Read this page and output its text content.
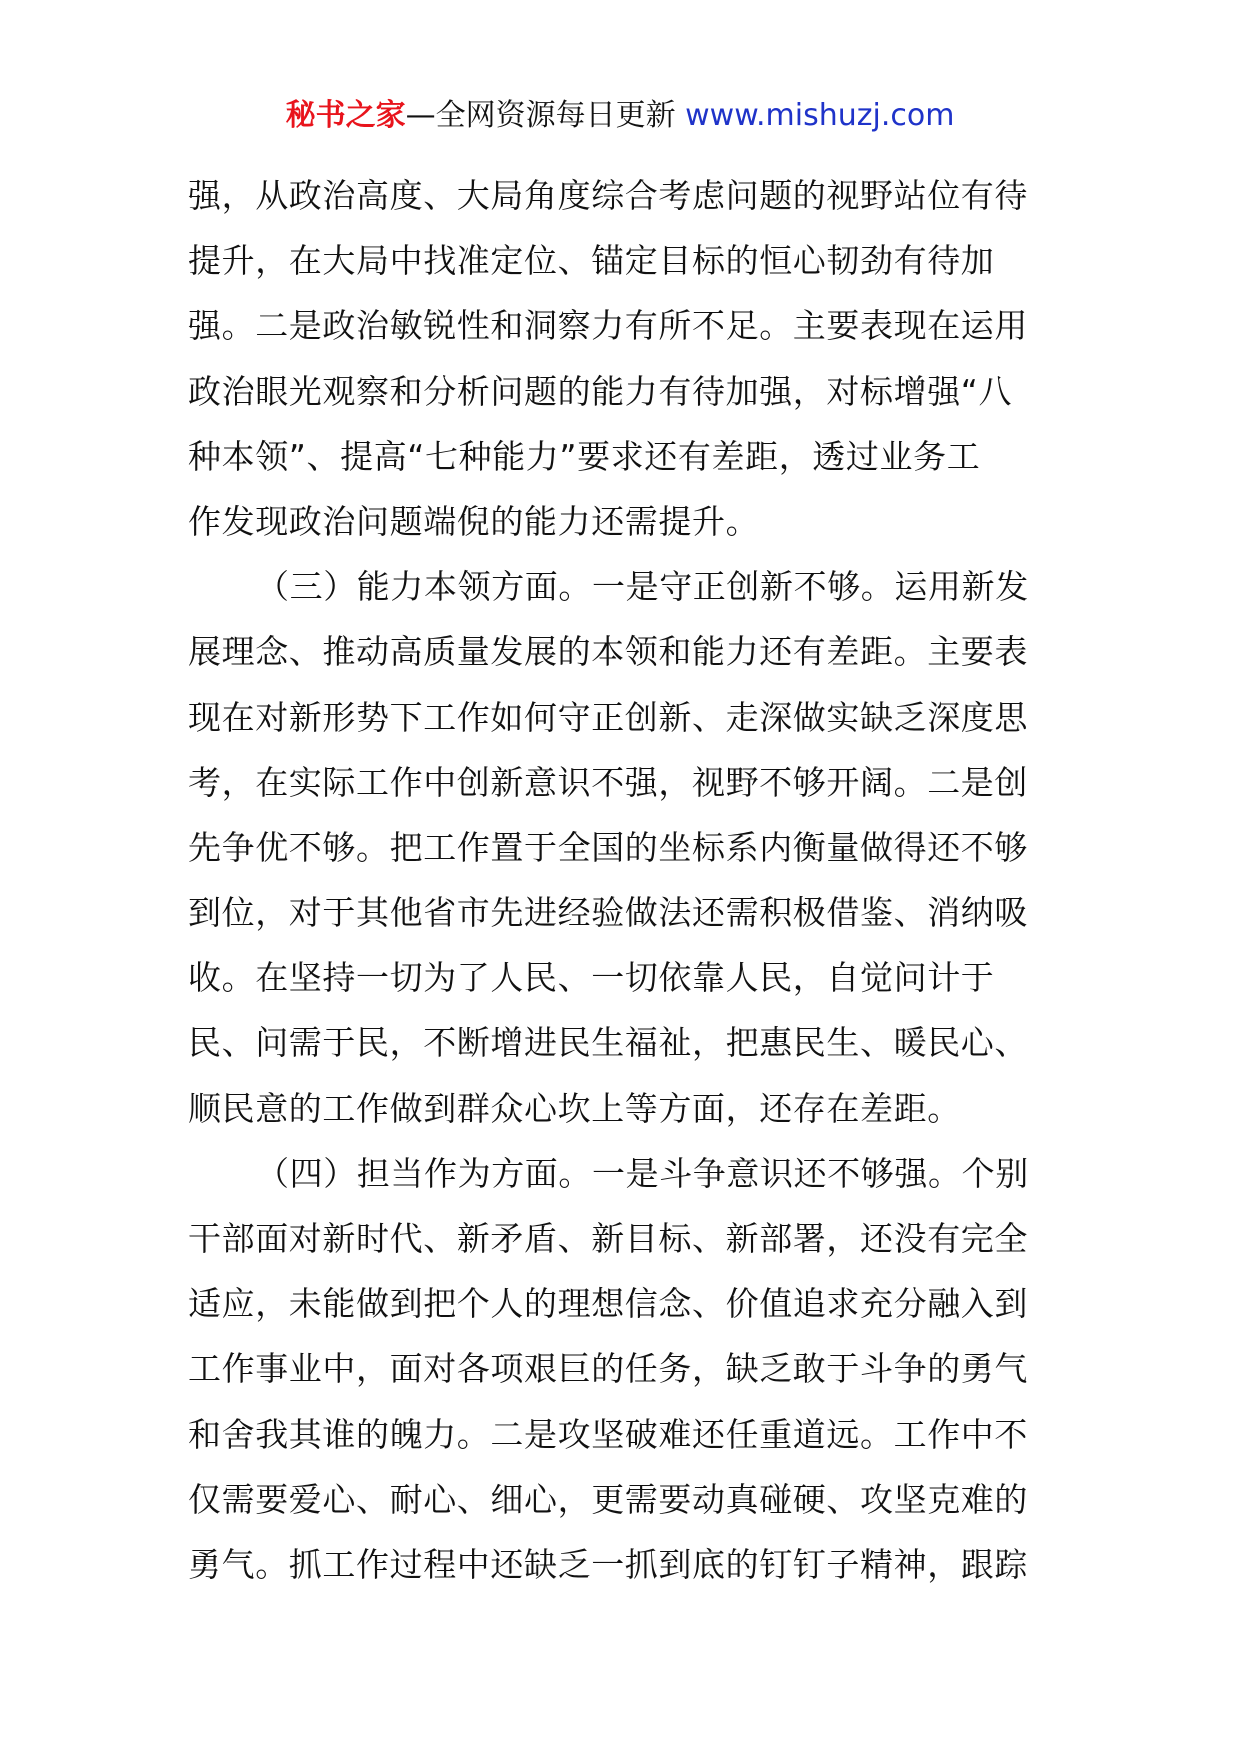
秘书之家—全网资源每日更新 www.mishuzj.com
强，从政治高度、大局角度综合考虑问题的视野站位有待
提升，在大局中找准定位、锚定目标的恒心韧劲有待加
强。二是政治敏锐性和洞察力有所不足。主要表现在运用
政治眼光观察和分析问题的能力有待加强，对标增强“八
种本领”、提高“七种能力”要求还有差距，透过业务工
作发现政治问题端倪的能力还需提升。
（三）能力本领方面。一是守正创新不够。运用新发
展理念、推动高质量发展的本领和能力还有差距。主要表
现在对新形势下工作如何守正创新、走深做实缺乏深度思
考，在实际工作中创新意识不强，视野不够开阔。二是创
先争优不够。把工作置于全国的坐标系内衡量做得还不够
到位，对于其他省市先进经验做法还需积极借鉴、消纳吸
收。在坚持一切为了人民、一切依靠人民，自觉问计于
民、问需于民，不断增进民生福祉，把惠民生、暖民心、
顺民意的工作做到群众心坎上等方面，还存在差距。
（四）担当作为方面。一是斗争意识还不够强。个别
干部面对新时代、新矛盾、新目标、新部署，还没有完全
适应，未能做到把个人的理想信念、价值追求充分融入到
工作事业中，面对各项艰巨的任务，缺乏敢于斗争的勇气
和舍我其谁的魄力。二是攻坚破难还任重道远。工作中不
仅需要爱心、耐心、细心，更需要动真碰硬、攻坚克难的
勇气。抓工作过程中还缺乏一抓到底的钉钉子精神，跟踪
